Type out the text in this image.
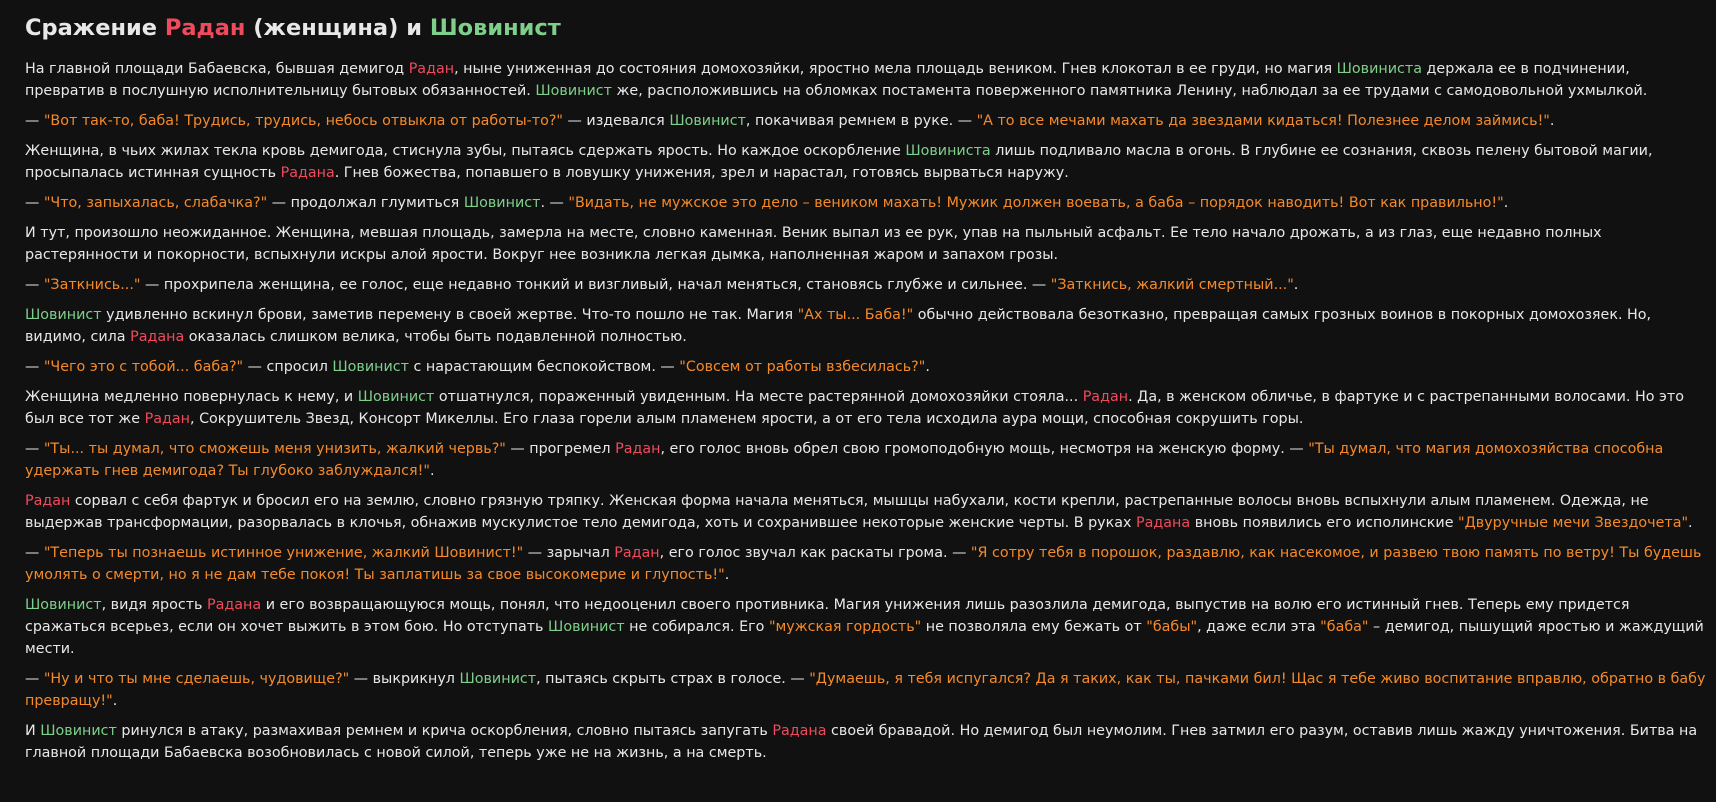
Сражение Радан (женщина) и Шовинист

На главной площади Бабаевска, бывшая демигод Радан, ныне униженная до состояния домохозяйки, яростно мела площадь веником. Гнев клокотал в ее груди, но магия Шовиниста держала ее в подчинении, превратив в послушную исполнительницу бытовых обязанностей. Шовинист же, расположившись на обломках постамента поверженного памятника Ленину, наблюдал за ее трудами с самодовольной ухмылкой.

— "Вот так-то, баба! Трудись, трудись, небось отвыкла от работы-то?" — издевался Шовинист, покачивая ремнем в руке. — "А то все мечами махать да звездами кидаться! Полезнее делом займись!".

Женщина, в чьих жилах текла кровь демигода, стиснула зубы, пытаясь сдержать ярость. Но каждое оскорбление Шовиниста лишь подливало масла в огонь. В глубине ее сознания, сквозь пелену бытовой магии, просыпалась истинная сущность Радана. Гнев божества, попавшего в ловушку унижения, зрел и нарастал, готовясь вырваться наружу.

— "Что, запыхалась, слабачка?" — продолжал глумиться Шовинист. — "Видать, не мужское это дело – веником махать! Мужик должен воевать, а баба – порядок наводить! Вот как правильно!".

И тут, произошло неожиданное. Женщина, мевшая площадь, замерла на месте, словно каменная. Веник выпал из ее рук, упав на пыльный асфальт. Ее тело начало дрожать, а из глаз, еще недавно полных растерянности и покорности, вспыхнули искры алой ярости. Вокруг нее возникла легкая дымка, наполненная жаром и запахом грозы.

— "Заткнись..." — прохрипела женщина, ее голос, еще недавно тонкий и визгливый, начал меняться, становясь глубже и сильнее. — "Заткнись, жалкий смертный...".

Шовинист удивленно вскинул брови, заметив перемену в своей жертве. Что-то пошло не так. Магия "Ах ты... Баба!" обычно действовала безотказно, превращая самых грозных воинов в покорных домохозяек. Но, видимо, сила Радана оказалась слишком велика, чтобы быть подавленной полностью.

— "Чего это с тобой... баба?" — спросил Шовинист с нарастающим беспокойством. — "Совсем от работы взбесилась?".

Женщина медленно повернулась к нему, и Шовинист отшатнулся, пораженный увиденным. На месте растерянной домохозяйки стояла... Радан. Да, в женском обличье, в фартуке и с растрепанными волосами. Но это был все тот же Радан, Сокрушитель Звезд, Консорт Микеллы. Его глаза горели алым пламенем ярости, а от его тела исходила аура мощи, способная сокрушить горы.

— "Ты... ты думал, что сможешь меня унизить, жалкий червь?" — прогремел Радан, его голос вновь обрел свою громоподобную мощь, несмотря на женскую форму. — "Ты думал, что магия домохозяйства способна удержать гнев демигода? Ты глубоко заблуждался!".

Радан сорвал с себя фартук и бросил его на землю, словно грязную тряпку. Женская форма начала меняться, мышцы набухали, кости крепли, растрепанные волосы вновь вспыхнули алым пламенем. Одежда, не выдержав трансформации, разорвалась в клочья, обнажив мускулистое тело демигода, хоть и сохранившее некоторые женские черты. В руках Радана вновь появились его исполинские "Двуручные мечи Звездочета".

— "Теперь ты познаешь истинное унижение, жалкий Шовинист!" — зарычал Радан, его голос звучал как раскаты грома. — "Я сотру тебя в порошок, раздавлю, как насекомое, и развею твою память по ветру! Ты будешь умолять о смерти, но я не дам тебе покоя! Ты заплатишь за свое высокомерие и глупость!".

Шовинист, видя ярость Радана и его возвращающуюся мощь, понял, что недооценил своего противника. Магия унижения лишь разозлила демигода, выпустив на волю его истинный гнев. Теперь ему придется сражаться всерьез, если он хочет выжить в этом бою. Но отступать Шовинист не собирался. Его "мужская гордость" не позволяла ему бежать от "бабы", даже если эта "баба" – демигод, пышущий яростью и жаждущий мести.

— "Ну и что ты мне сделаешь, чудовище?" — выкрикнул Шовинист, пытаясь скрыть страх в голосе. — "Думаешь, я тебя испугался? Да я таких, как ты, пачками бил! Щас я тебе живо воспитание вправлю, обратно в бабу превращу!".

И Шовинист ринулся в атаку, размахивая ремнем и крича оскорбления, словно пытаясь запугать Радана своей бравадой. Но демигод был неумолим. Гнев затмил его разум, оставив лишь жажду уничтожения. Битва на главной площади Бабаевска возобновилась с новой силой, теперь уже не на жизнь, а на смерть.
